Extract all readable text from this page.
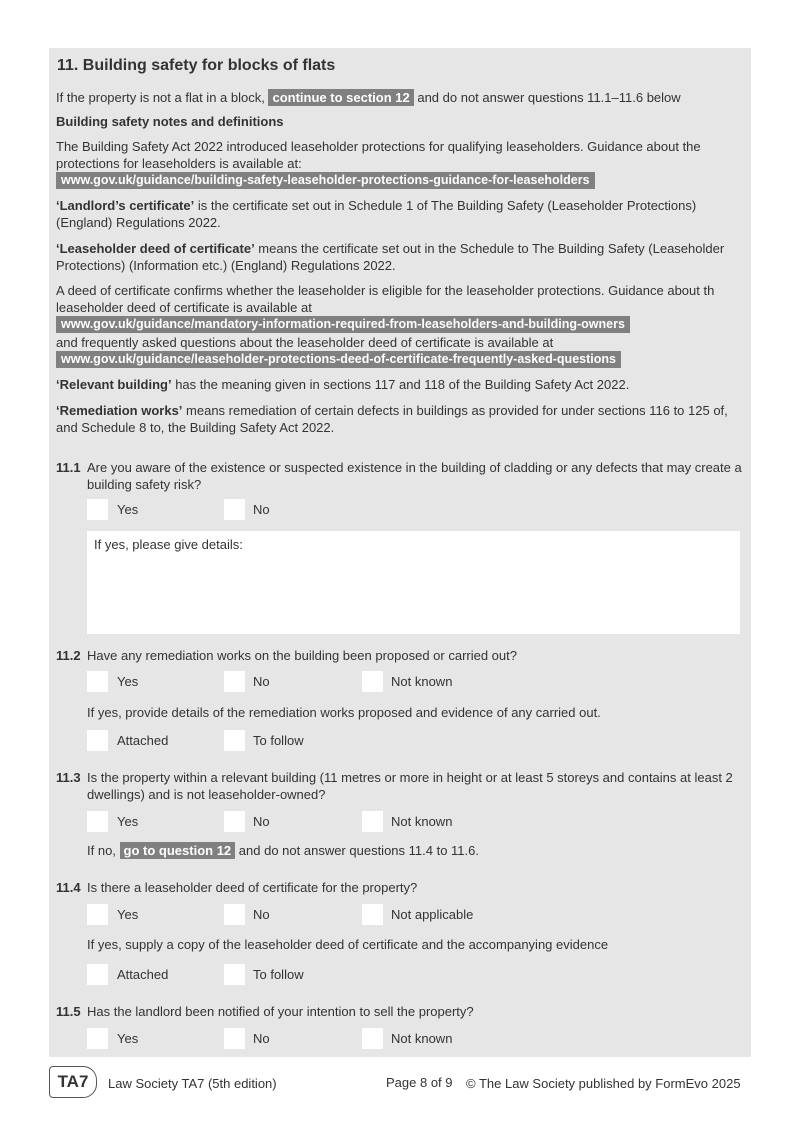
11. Building safety for blocks of flats
If the property is not a flat in a block, continue to section 12 and do not answer questions 11.1–11.6 below
Building safety notes and definitions
The Building Safety Act 2022 introduced leaseholder protections for qualifying leaseholders. Guidance about the protections for leaseholders is available at:
www.gov.uk/guidance/building-safety-leaseholder-protections-guidance-for-leaseholders
‘Landlord’s certificate’ is the certificate set out in Schedule 1 of The Building Safety (Leaseholder Protections) (England) Regulations 2022.
‘Leaseholder deed of certificate’ means the certificate set out in the Schedule to The Building Safety (Leaseholder Protections) (Information etc.) (England) Regulations 2022.
A deed of certificate confirms whether the leaseholder is eligible for the leaseholder protections. Guidance about th leaseholder deed of certificate is available at
www.gov.uk/guidance/mandatory-information-required-from-leaseholders-and-building-owners
and frequently asked questions about the leaseholder deed of certificate is available at
www.gov.uk/guidance/leaseholder-protections-deed-of-certificate-frequently-asked-questions
‘Relevant building’ has the meaning given in sections 117 and 118 of the Building Safety Act 2022.
‘Remediation works’ means remediation of certain defects in buildings as provided for under sections 116 to 125 of, and Schedule 8 to, the Building Safety Act 2022.
11.1 Are you aware of the existence or suspected existence in the building of cladding or any defects that may create a building safety risk?
Yes	No
If yes, please give details:
11.2 Have any remediation works on the building been proposed or carried out?
Yes	No	Not known
If yes, provide details of the remediation works proposed and evidence of any carried out.
Attached	To follow
11.3 Is the property within a relevant building (11 metres or more in height or at least 5 storeys and contains at least 2 dwellings) and is not leaseholder-owned?
Yes	No	Not known
If no, go to question 12 and do not answer questions 11.4 to 11.6.
11.4 Is there a leaseholder deed of certificate for the property?
Yes	No	Not applicable
If yes, supply a copy of the leaseholder deed of certificate and the accompanying evidence
Attached	To follow
11.5 Has the landlord been notified of your intention to sell the property?
Yes	No	Not known
TA7	Law Society TA7 (5th edition)	Page 8 of 9 © The Law Society published by FormEvo 2025
